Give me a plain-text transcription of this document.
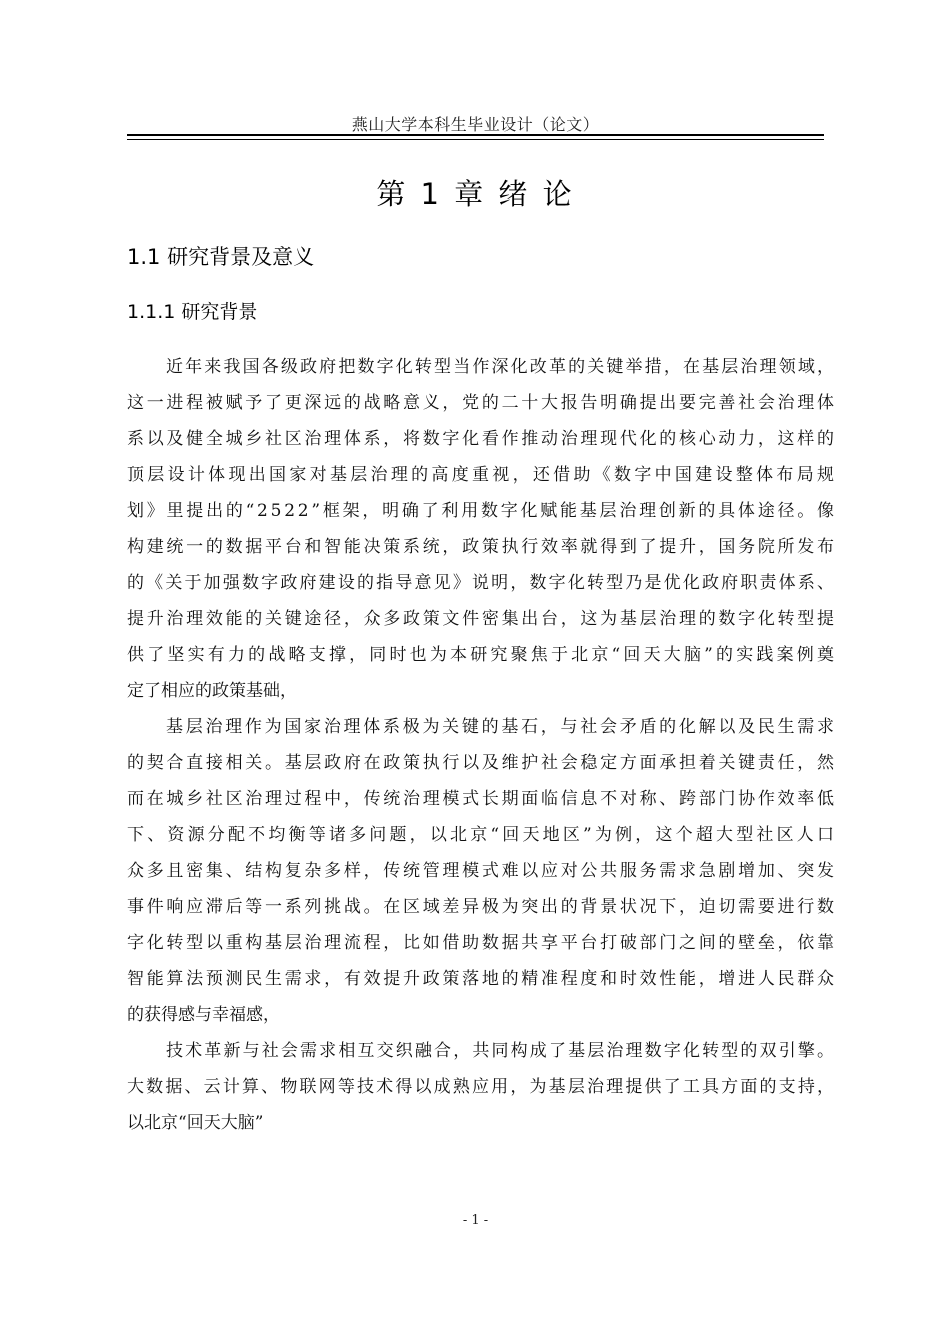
燕山大学本科生毕业设计（论文）
第 1 章 绪 论
1.1 研究背景及意义
1.1.1 研究背景
近年来我国各级政府把数字化转型当作深化改革的关键举措，在基层治理领域，
这一进程被赋予了更深远的战略意义，党的二十大报告明确提出要完善社会治理体
系以及健全城乡社区治理体系，将数字化看作推动治理现代化的核心动力，这样的
顶层设计体现出国家对基层治理的高度重视，还借助《数字中国建设整体布局规
划》里提出的“2522”框架，明确了利用数字化赋能基层治理创新的具体途径。像
构建统一的数据平台和智能决策系统，政策执行效率就得到了提升，国务院所发布
的《关于加强数字政府建设的指导意见》说明，数字化转型乃是优化政府职责体系、
提升治理效能的关键途径，众多政策文件密集出台，这为基层治理的数字化转型提
供了坚实有力的战略支撑，同时也为本研究聚焦于北京“回天大脑”的实践案例奠
定了相应的政策基础，
基层治理作为国家治理体系极为关键的基石，与社会矛盾的化解以及民生需求
的契合直接相关。基层政府在政策执行以及维护社会稳定方面承担着关键责任，然
而在城乡社区治理过程中，传统治理模式长期面临信息不对称、跨部门协作效率低
下、资源分配不均衡等诸多问题，以北京“回天地区”为例，这个超大型社区人口
众多且密集、结构复杂多样，传统管理模式难以应对公共服务需求急剧增加、突发
事件响应滞后等一系列挑战。在区域差异极为突出的背景状况下，迫切需要进行数
字化转型以重构基层治理流程，比如借助数据共享平台打破部门之间的壁垒，依靠
智能算法预测民生需求，有效提升政策落地的精准程度和时效性能，增进人民群众
的获得感与幸福感，
技术革新与社会需求相互交织融合，共同构成了基层治理数字化转型的双引擎。
大数据、云计算、物联网等技术得以成熟应用，为基层治理提供了工具方面的支持，
以北京“回天大脑”
- 1 -
